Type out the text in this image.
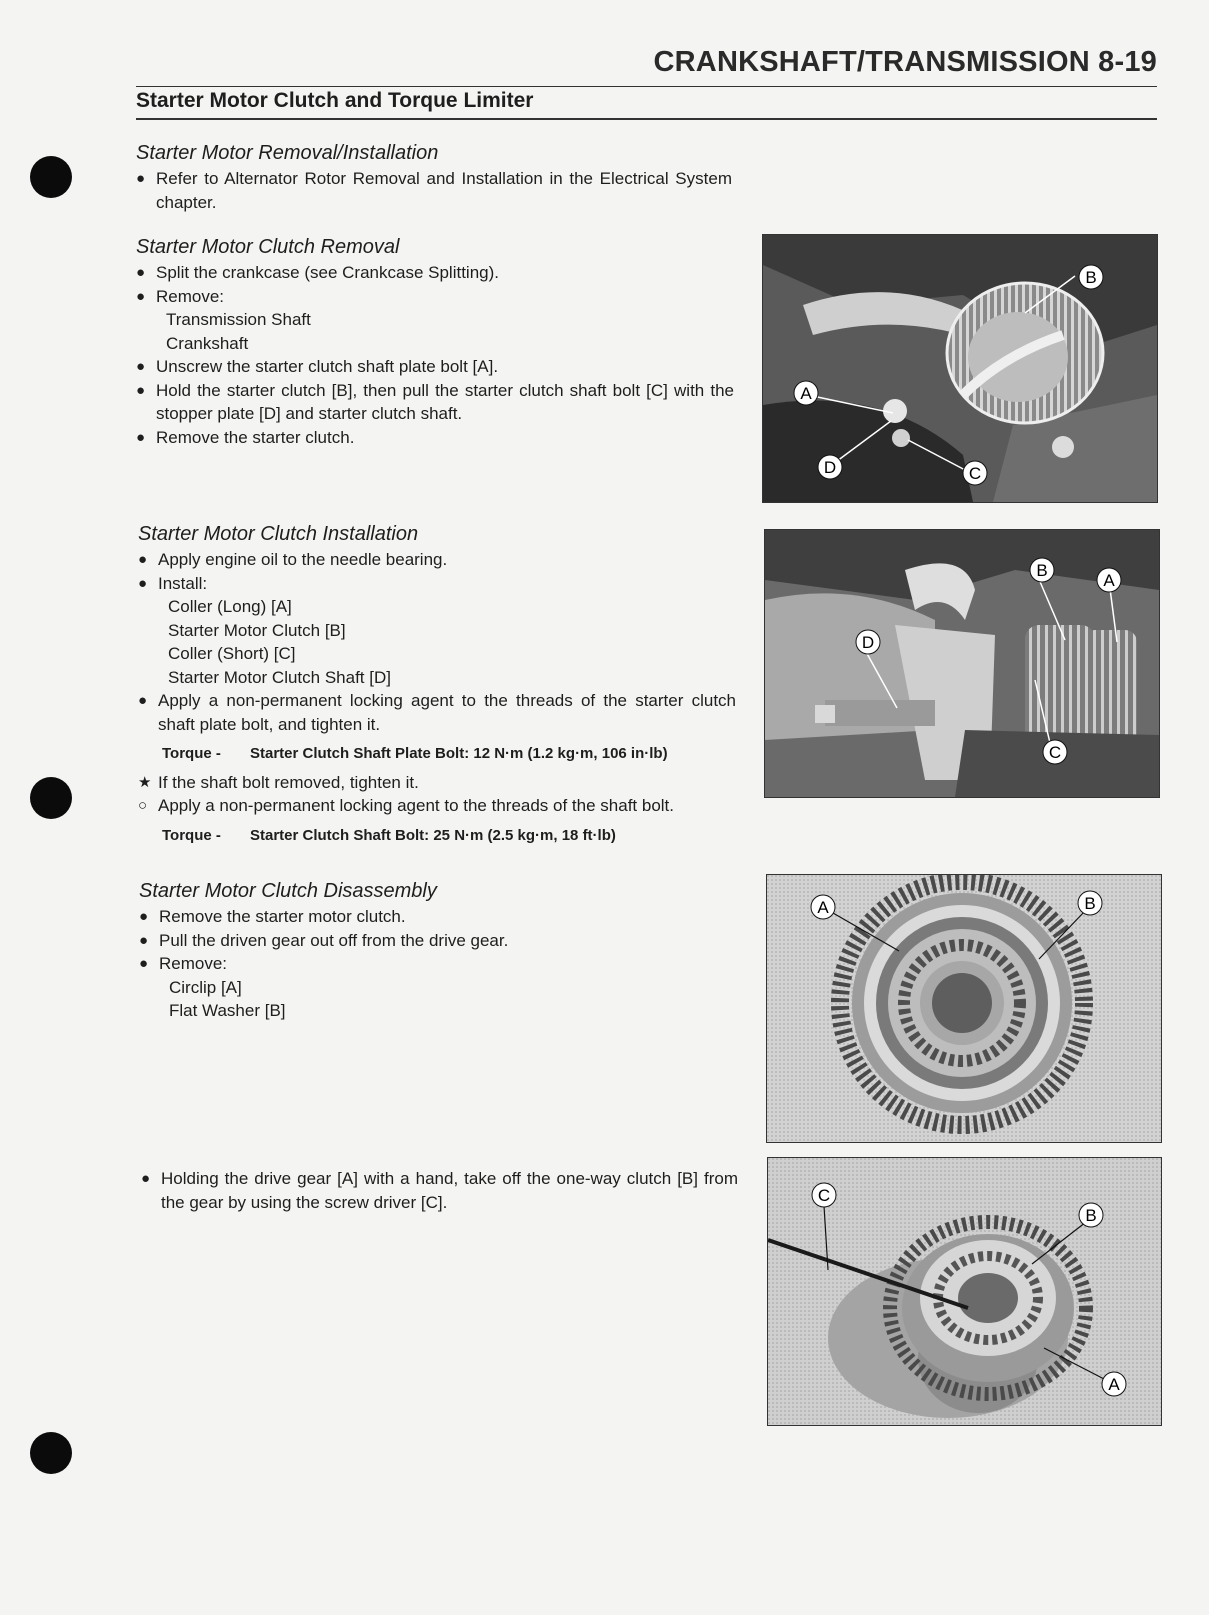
CRANKSHAFT/TRANSMISSION 8-19
Starter Motor Clutch and Torque Limiter
Starter Motor Removal/Installation
● Refer to Alternator Rotor Removal and Installation in the Electrical System chapter.
Starter Motor Clutch Removal
● Split the crankcase (see Crankcase Splitting).
● Remove:
Transmission Shaft
Crankshaft
● Unscrew the starter clutch shaft plate bolt [A].
● Hold the starter clutch [B], then pull the starter clutch shaft bolt [C] with the stopper plate [D] and starter clutch shaft.
● Remove the starter clutch.
Starter Motor Clutch Installation
● Apply engine oil to the needle bearing.
● Install:
Coller (Long) [A]
Starter Motor Clutch [B]
Coller (Short) [C]
Starter Motor Clutch Shaft [D]
● Apply a non-permanent locking agent to the threads of the starter clutch shaft plate bolt, and tighten it.
Torque - Starter Clutch Shaft Plate Bolt: 12 N·m (1.2 kg·m, 106 in·lb)
★ If the shaft bolt removed, tighten it.
○ Apply a non-permanent locking agent to the threads of the shaft bolt.
Torque - Starter Clutch Shaft Bolt: 25 N·m (2.5 kg·m, 18 ft·lb)
Starter Motor Clutch Disassembly
● Remove the starter motor clutch.
● Pull the driven gear out off from the drive gear.
● Remove:
Circlip [A]
Flat Washer [B]
● Holding the drive gear [A] with a hand, take off the one-way clutch [B] from the gear by using the screw driver [C].
A
B
C
D
A
B
C
D
A	B
A
B
C
